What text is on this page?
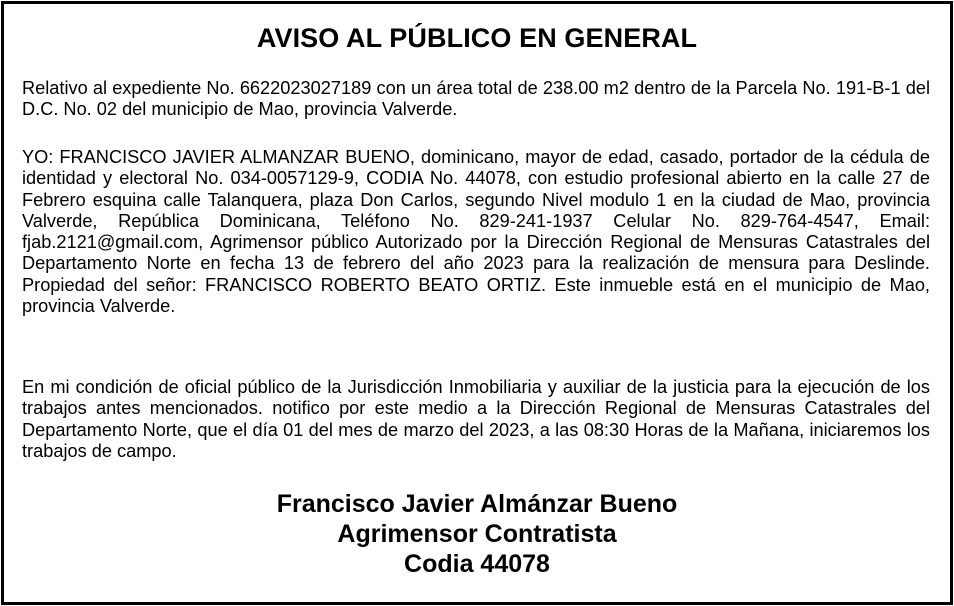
AVISO AL PÚBLICO EN GENERAL

Relativo al expediente No. 6622023027189 con un área total de 238.00 m2 dentro de la Parcela No. 191-B-1 del D.C. No. 02 del municipio de Mao, provincia Valverde.

YO: FRANCISCO JAVIER ALMANZAR BUENO, dominicano, mayor de edad, casado, portador de la cédula de identidad y electoral No. 034-0057129-9, CODIA No. 44078, con estudio profesional abierto en la calle 27 de Febrero esquina calle Talanquera, plaza Don Carlos, segundo Nivel modulo 1 en la ciudad de Mao, provincia Valverde, República Dominicana, Teléfono No. 829-241-1937 Celular No. 829-764-4547, Email: fjab.2121@gmail.com, Agrimensor público Autorizado por la Dirección Regional de Mensuras Catastrales del Departamento Norte en fecha 13 de febrero del año 2023 para la realización de mensura para Deslinde. Propiedad del señor: FRANCISCO ROBERTO BEATO ORTIZ. Este inmueble está en el municipio de Mao, provincia Valverde.

En mi condición de oficial público de la Jurisdicción Inmobiliaria y auxiliar de la justicia para la ejecución de los trabajos antes mencionados. notifico por este medio a la Dirección Regional de Mensuras Catastrales del Departamento Norte, que el día 01 del mes de marzo del 2023, a las 08:30 Horas de la Mañana, iniciaremos los trabajos de campo.

Francisco Javier Almánzar Bueno
Agrimensor Contratista
Codia 44078
